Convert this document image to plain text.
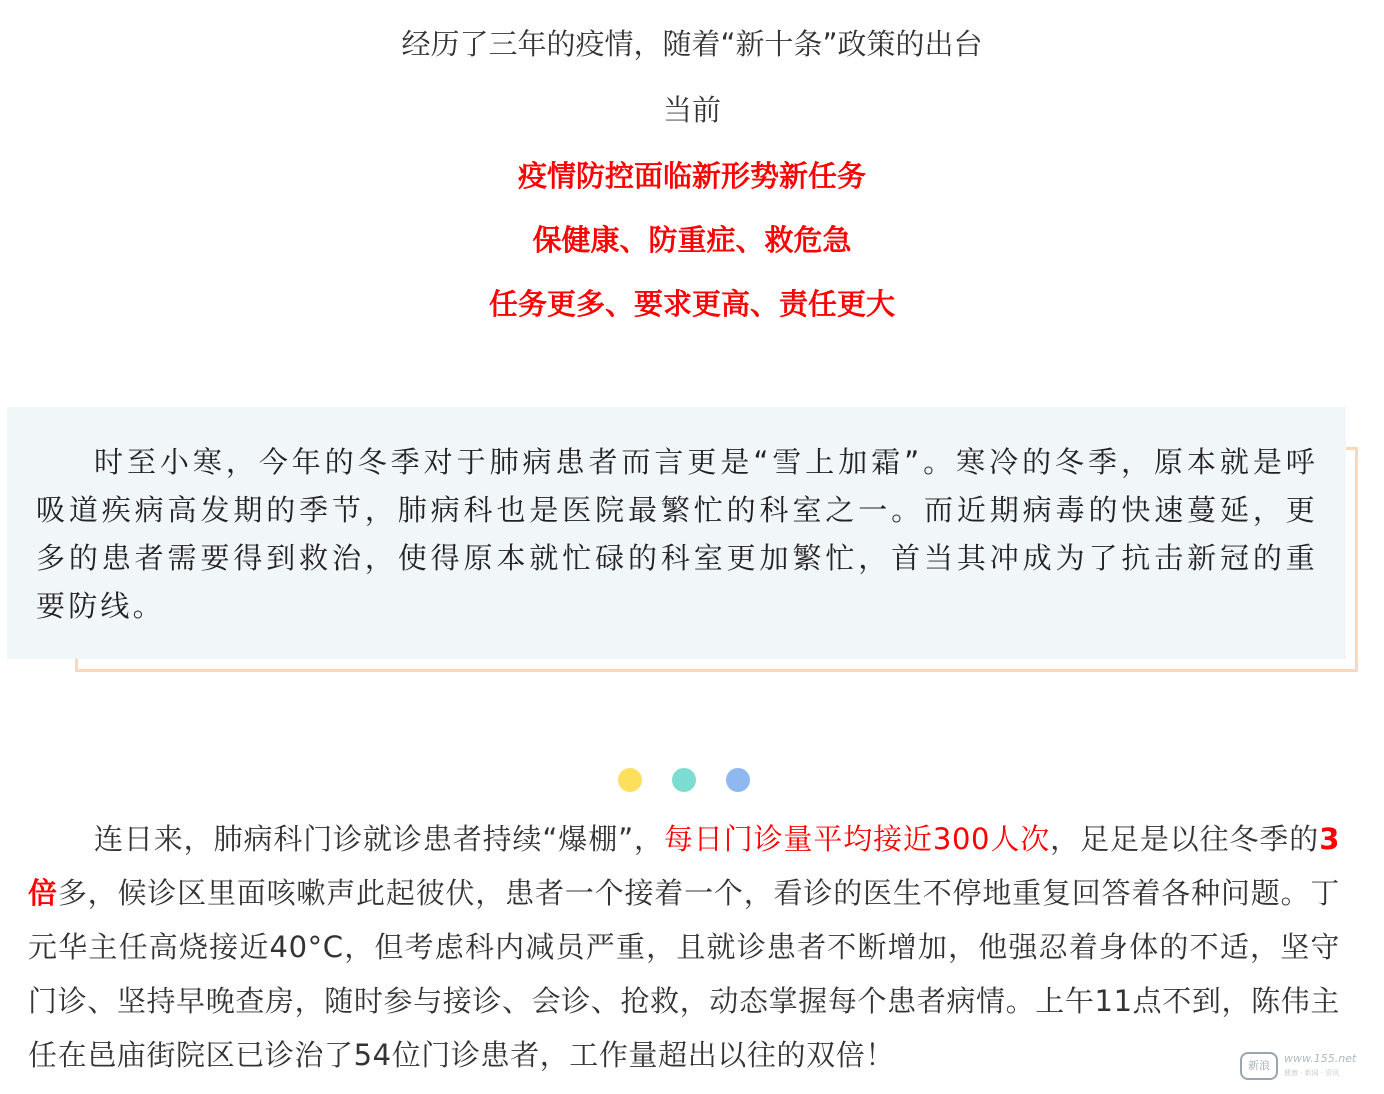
经历了三年的疫情，随着“新十条”政策的出台
当前
疫情防控面临新形势新任务
保健康、防重症、救危急
任务更多、要求更高、责任更大

时至小寒，今年的冬季对于肺病患者而言更是“雪上加霜”。寒冷的冬季，原本就是呼吸道疾病高发期的季节，肺病科也是医院最繁忙的科室之一。而近期病毒的快速蔓延，更多的患者需要得到救治，使得原本就忙碌的科室更加繁忙，首当其冲成为了抗击新冠的重要防线。

连日来，肺病科门诊就诊患者持续“爆棚”，每日门诊量平均接近300人次，足足是以往冬季的3倍多，候诊区里面咳嗽声此起彼伏，患者一个接着一个，看诊的医生不停地重复回答着各种问题。丁元华主任高烧接近40°C，但考虑科内减员严重，且就诊患者不断增加，他强忍着身体的不适，坚守门诊、坚持早晚查房，随时参与接诊、会诊、抢救，动态掌握每个患者病情。上午11点不到，陈伟主任在邑庙街院区已诊治了54位门诊患者，工作量超出以往的双倍！	新浪
www.155.net
健康 · 新闻 · 资讯
